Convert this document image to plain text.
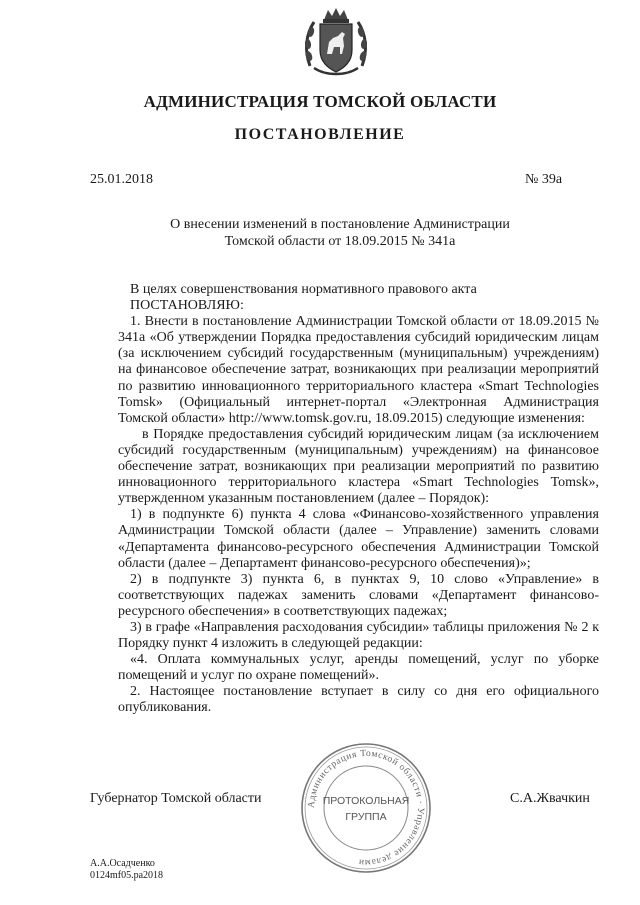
АДМИНИСТРАЦИЯ ТОМСКОЙ ОБЛАСТИ
ПОСТАНОВЛЕНИЕ
25.01.2018	№ 39а
О внесении изменений в постановление Администрации
Томской области от 18.09.2015 № 341а

В целях совершенствования нормативного правового акта

ПОСТАНОВЛЯЮ:

1. Внести в постановление Администрации Томской области от 18.09.2015 № 341а «Об утверждении Порядка предоставления субсидий юридическим лицам (за исключением субсидий государственным (муниципальным) учреждениям) на финансовое обеспечение затрат, возникающих при реализации мероприятий по развитию инновационного территориального кластера «Smart Technologies Tomsk» (Официальный интернет-портал «Электронная Администрация Томской области» http://www.tomsk.gov.ru, 18.09.2015) следующие изменения:

в Порядке предоставления субсидий юридическим лицам (за исключением субсидий государственным (муниципальным) учреждениям) на финансовое обеспечение затрат, возникающих при реализации мероприятий по развитию инновационного территориального кластера «Smart Technologies Tomsk», утвержденном указанным постановлением (далее – Порядок):

1) в подпункте 6) пункта 4 слова «Финансово-хозяйственного управления Администрации Томской области (далее – Управление) заменить словами «Департамента финансово-ресурсного обеспечения Администрации Томской области (далее – Департамент финансово-ресурсного обеспечения)»;

2) в подпункте 3) пункта 6, в пунктах 9, 10 слово «Управление» в соответствующих падежах заменить словами «Департамент финансово-ресурсного обеспечения» в соответствующих падежах;

3) в графе «Направления расходования субсидии» таблицы приложения № 2 к Порядку пункт 4 изложить в следующей редакции:

«4. Оплата коммунальных услуг, аренды помещений, услуг по уборке помещений и услуг по охране помещений».

2. Настоящее постановление вступает в силу со дня его официального опубликования.

Администрация Томской области · Управление делами
ПРОТОКОЛЬНАЯ
ГРУППА
Губернатор Томской области	С.А.Жвачкин
А.А.Осадченко
0124mf05.ра2018
